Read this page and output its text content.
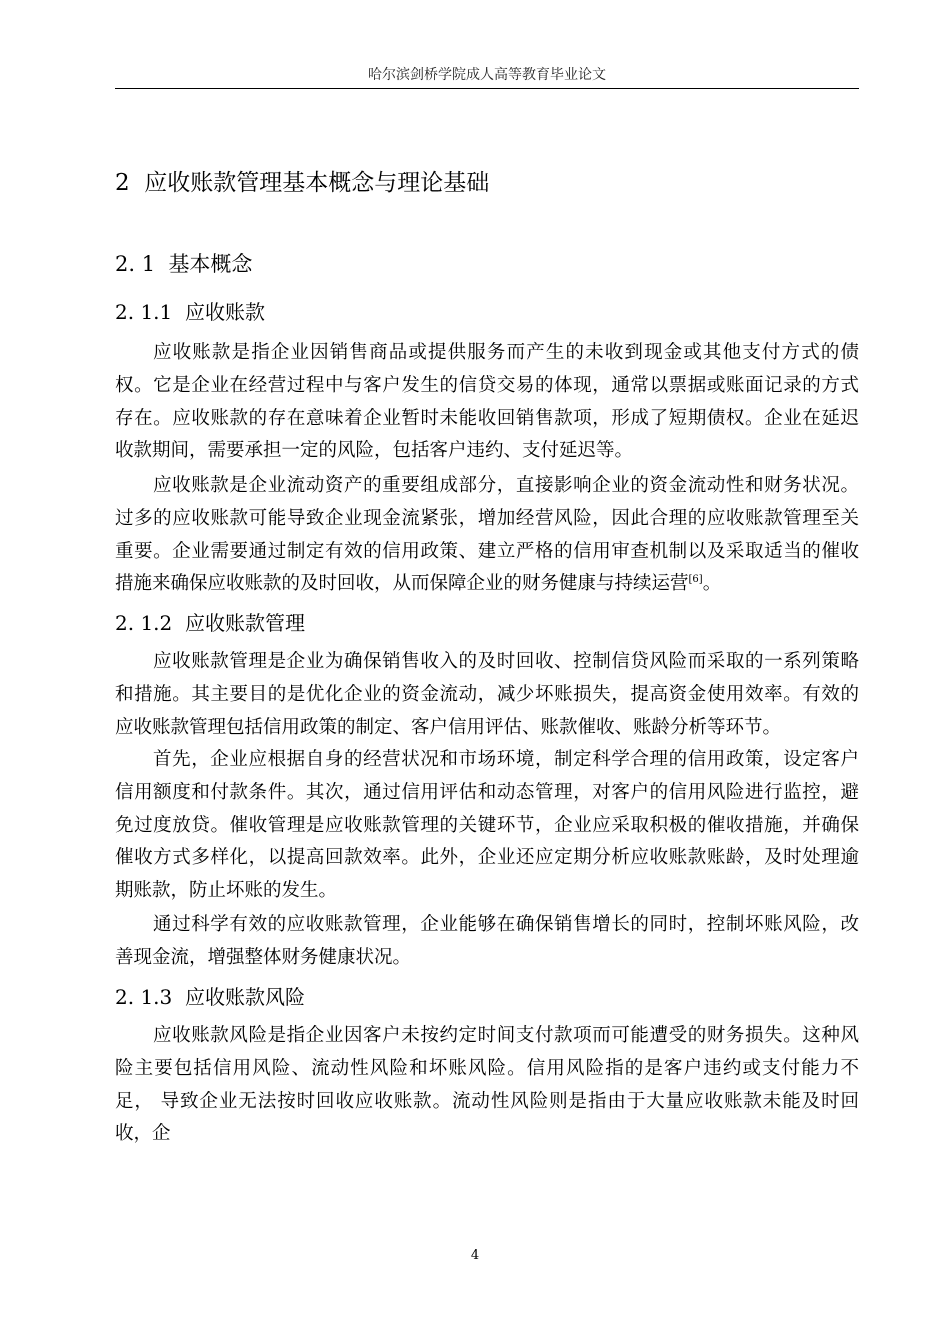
哈尔滨剑桥学院成人高等教育毕业论文
2 应收账款管理基本概念与理论基础
2. 1 基本概念
2. 1.1 应收账款
应收账款是指企业因销售商品或提供服务而产生的未收到现金或其他支付方式的债
权。它是企业在经营过程中与客户发生的信贷交易的体现，通常以票据或账面记录的方式
存在。应收账款的存在意味着企业暂时未能收回销售款项，形成了短期债权。企业在延迟
收款期间，需要承担一定的风险，包括客户违约、支付延迟等。
应收账款是企业流动资产的重要组成部分，直接影响企业的资金流动性和财务状况。
过多的应收账款可能导致企业现金流紧张，增加经营风险，因此合理的应收账款管理至关
重要。企业需要通过制定有效的信用政策、建立严格的信用审查机制以及采取适当的催收
措施来确保应收账款的及时回收，从而保障企业的财务健康与持续运营[6]。
2. 1.2 应收账款管理
应收账款管理是企业为确保销售收入的及时回收、控制信贷风险而采取的一系列策略
和措施。其主要目的是优化企业的资金流动，减少坏账损失，提高资金使用效率。有效的
应收账款管理包括信用政策的制定、客户信用评估、账款催收、账龄分析等环节。
首先，企业应根据自身的经营状况和市场环境，制定科学合理的信用政策，设定客户
信用额度和付款条件。其次，通过信用评估和动态管理，对客户的信用风险进行监控，避
免过度放贷。催收管理是应收账款管理的关键环节，企业应采取积极的催收措施，并确保
催收方式多样化，以提高回款效率。此外，企业还应定期分析应收账款账龄，及时处理逾
期账款，防止坏账的发生。
通过科学有效的应收账款管理，企业能够在确保销售增长的同时，控制坏账风险，改
善现金流，增强整体财务健康状况。
2. 1.3 应收账款风险
应收账款风险是指企业因客户未按约定时间支付款项而可能遭受的财务损失。这种风
险主要包括信用风险、流动性风险和坏账风险。信用风险指的是客户违约或支付能力不
足， 导致企业无法按时回收应收账款。流动性风险则是指由于大量应收账款未能及时回
收，企
4
